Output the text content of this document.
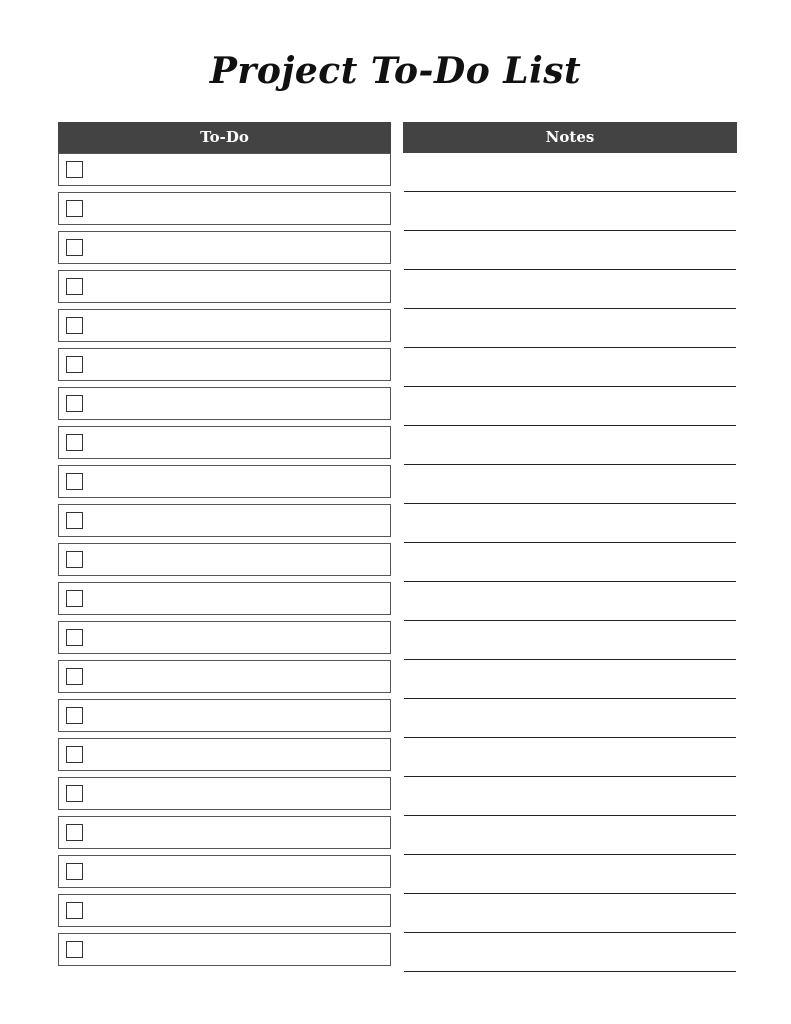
Project To-Do List
To-Do	Notes
